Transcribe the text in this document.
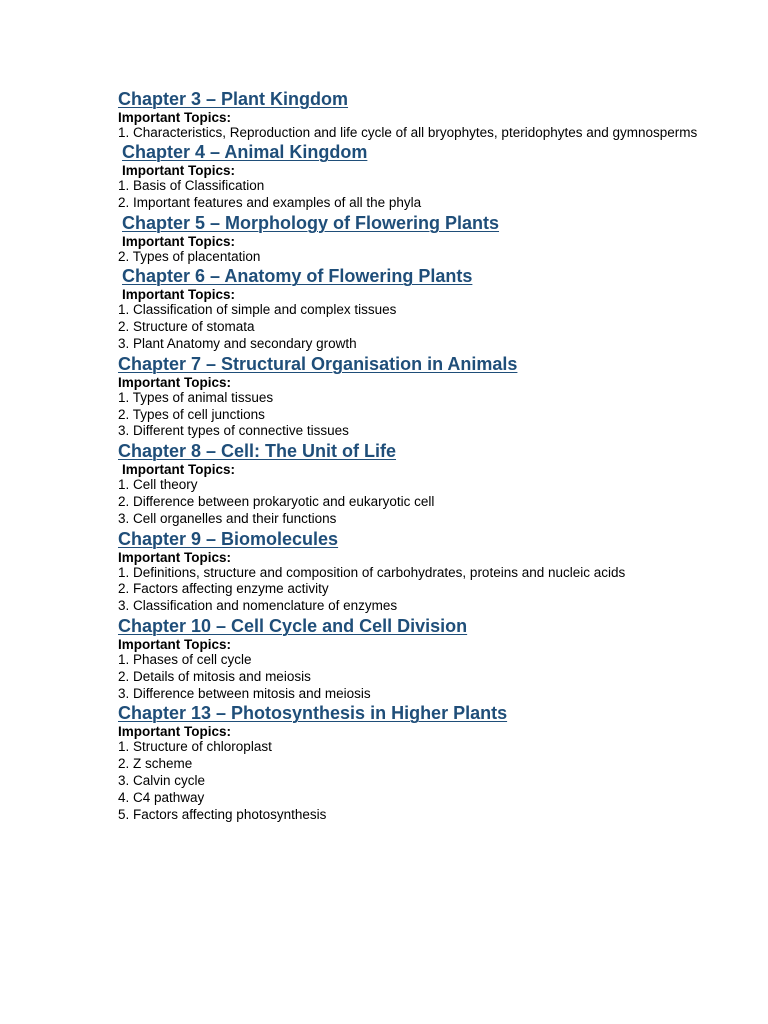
Chapter 3 – Plant Kingdom
Important Topics:
1. Characteristics, Reproduction and life cycle of all bryophytes, pteridophytes and gymnosperms
Chapter 4 – Animal Kingdom
Important Topics:
1. Basis of Classification
2. Important features and examples of all the phyla
Chapter 5 – Morphology of Flowering Plants
Important Topics:
2. Types of placentation
Chapter 6 – Anatomy of Flowering Plants
Important Topics:
1. Classification of simple and complex tissues
2. Structure of stomata
3. Plant Anatomy and secondary growth
Chapter 7 – Structural Organisation in Animals
Important Topics:
1. Types of animal tissues
2. Types of cell junctions
3. Different types of connective tissues
Chapter 8 – Cell: The Unit of Life
Important Topics:
1. Cell theory
2. Difference between prokaryotic and eukaryotic cell
3. Cell organelles and their functions
Chapter 9 – Biomolecules
Important Topics:
1. Definitions, structure and composition of carbohydrates, proteins and nucleic acids
2. Factors affecting enzyme activity
3. Classification and nomenclature of enzymes
Chapter 10 – Cell Cycle and Cell Division
Important Topics:
1. Phases of cell cycle
2. Details of mitosis and meiosis
3. Difference between mitosis and meiosis
Chapter 13 – Photosynthesis in Higher Plants
Important Topics:
1. Structure of chloroplast
2. Z scheme
3. Calvin cycle
4. C4 pathway
5. Factors affecting photosynthesis
